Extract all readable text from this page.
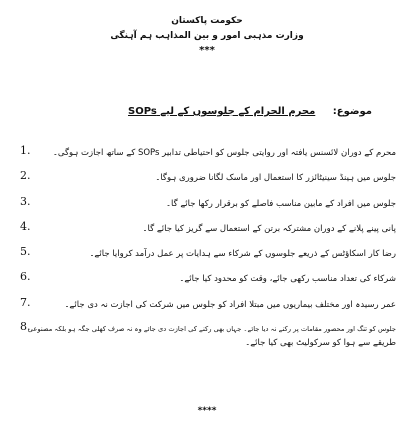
حکومت پاکستان
وزارت مذہبی امور و بین المذاہب ہم آہنگی
***
موضوع: محرم الحرام کے جلوسوں کے لیے SOPs
محرم کے دوران لائسنس یافتہ اور روایتی جلوس کو احتیاطی تدابیر SOPs کے ساتھ اجازت ہوگی۔
1.
جلوس میں ہینڈ سینیٹائزر کا استعمال اور ماسک لگانا ضروری ہوگا۔
2.
جلوس میں افراد کے مابین مناسب فاصلے کو برقرار رکھا جائے گا۔
3.
پانی پینے پلانے کے دوران مشترکہ برتن کے استعمال سے گریز کیا جائے گا۔
4.
رضا کار اسکاؤٹس کے ذریعے جلوسوں کے شرکاء سے ہدایات پر عمل درآمد کروایا جائے۔
5.
شرکاء کی تعداد مناسب رکھی جائے، وقت کو محدود کیا جائے۔
6.
عمر رسیدہ اور مختلف بیماریوں میں مبتلا افراد کو جلوس میں شرکت کی اجازت نہ دی جائے۔
7.
جلوس کو تنگ اور محصور مقامات پر رکنے نہ دیا جائے۔ جہاں بھی رکنے کی اجازت دی جائے وہ نہ صرف کھلی جگہ ہو بلکہ مصنوعی
طریقے سے ہوا کو سرکولیٹ بھی کیا جائے۔
8.
****
